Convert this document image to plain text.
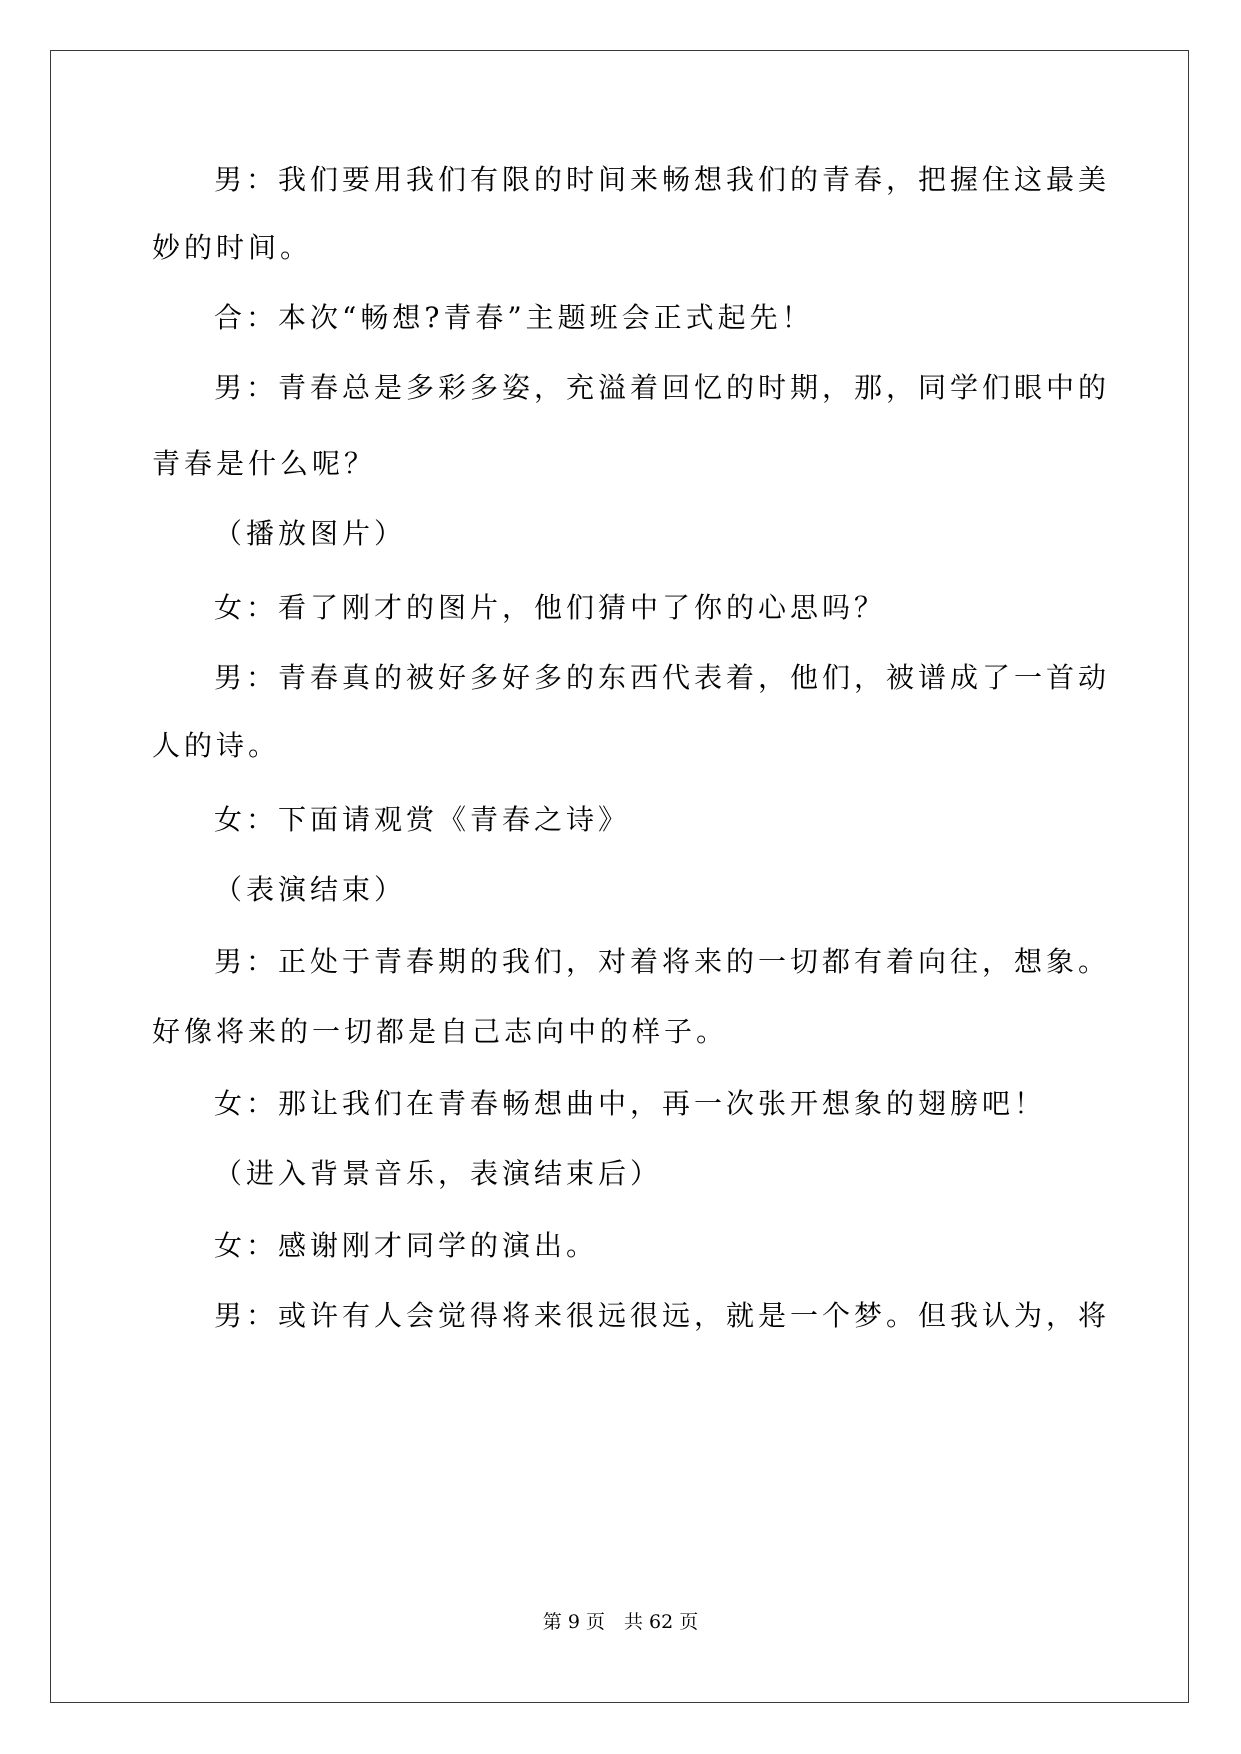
男：我们要用我们有限的时间来畅想我们的青春，把握住这最美
妙的时间。
合：本次“畅想?青春”主题班会正式起先！
男：青春总是多彩多姿，充溢着回忆的时期，那，同学们眼中的
青春是什么呢？
（播放图片）
女：看了刚才的图片，他们猜中了你的心思吗？
男：青春真的被好多好多的东西代表着，他们，被谱成了一首动
人的诗。
女：下面请观赏《青春之诗》
（表演结束）
男：正处于青春期的我们，对着将来的一切都有着向往，想象。
好像将来的一切都是自己志向中的样子。
女：那让我们在青春畅想曲中，再一次张开想象的翅膀吧！
（进入背景音乐，表演结束后）
女：感谢刚才同学的演出。
男：或许有人会觉得将来很远很远，就是一个梦。但我认为，将
第 9 页　共 62 页
